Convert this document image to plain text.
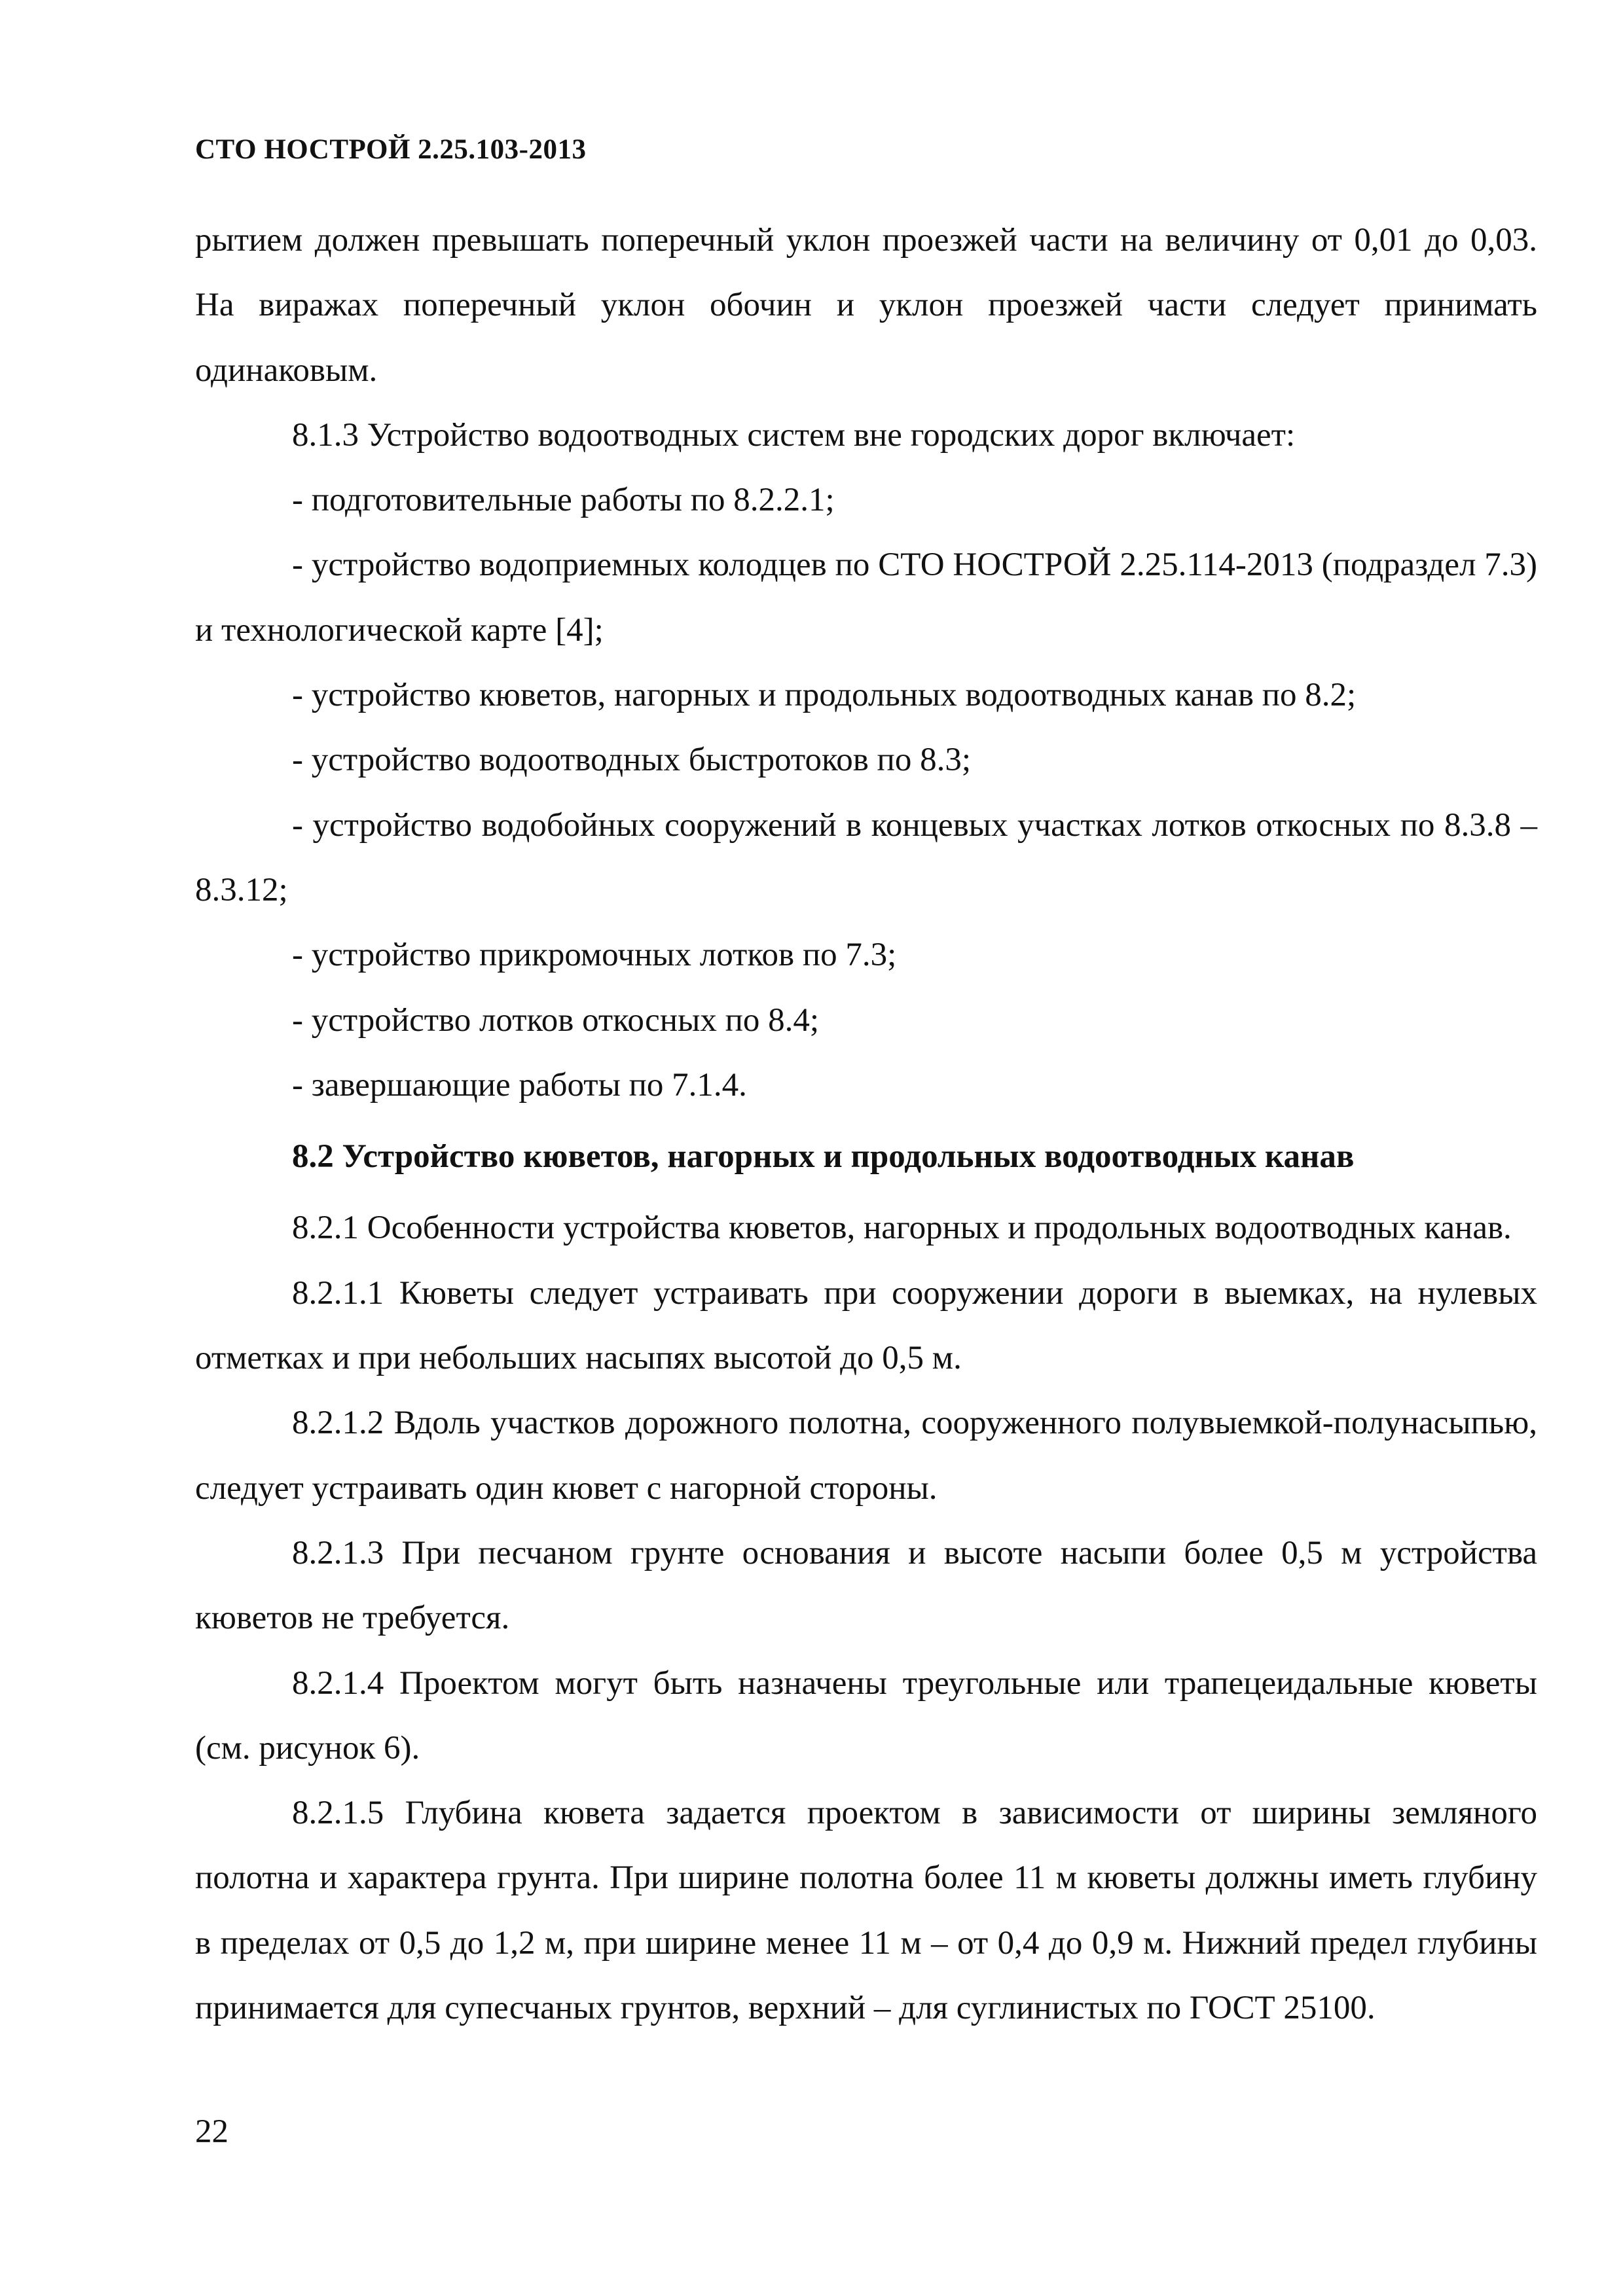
СТО НОСТРОЙ 2.25.103-2013

рытием должен превышать поперечный уклон проезжей части на величину от 0,01 до 0,03. На виражах поперечный уклон обочин и уклон проезжей части следует принимать одинаковым.

8.1.3 Устройство водоотводных систем вне городских дорог включает:

- подготовительные работы по 8.2.2.1;

- устройство водоприемных колодцев по СТО НОСТРОЙ 2.25.114-2013 (подраздел 7.3) и технологической карте [4];

- устройство кюветов, нагорных и продольных водоотводных канав по 8.2;

- устройство водоотводных быстротоков по 8.3;

- устройство водобойных сооружений в концевых участках лотков откосных по 8.3.8 – 8.3.12;

- устройство прикромочных лотков по 7.3;

- устройство лотков откосных по 8.4;

- завершающие работы по 7.1.4.

8.2 Устройство кюветов, нагорных и продольных водоотводных канав

8.2.1 Особенности устройства кюветов, нагорных и продольных водоотводных канав.

8.2.1.1 Кюветы следует устраивать при сооружении дороги в выемках, на нулевых отметках и при небольших насыпях высотой до 0,5 м.

8.2.1.2 Вдоль участков дорожного полотна, сооруженного полувыемкой-полунасыпью, следует устраивать один кювет с нагорной стороны.

8.2.1.3 При песчаном грунте основания и высоте насыпи более 0,5 м устройства кюветов не требуется.

8.2.1.4 Проектом могут быть назначены треугольные или трапецеидальные кюветы (см. рисунок 6).

8.2.1.5 Глубина кювета задается проектом в зависимости от ширины земляного полотна и характера грунта. При ширине полотна более 11 м кюветы должны иметь глубину в пределах от 0,5 до 1,2 м, при ширине менее 11 м – от 0,4 до 0,9 м. Нижний предел глубины принимается для супесчаных грунтов, верхний – для суглинистых по ГОСТ 25100.

22
